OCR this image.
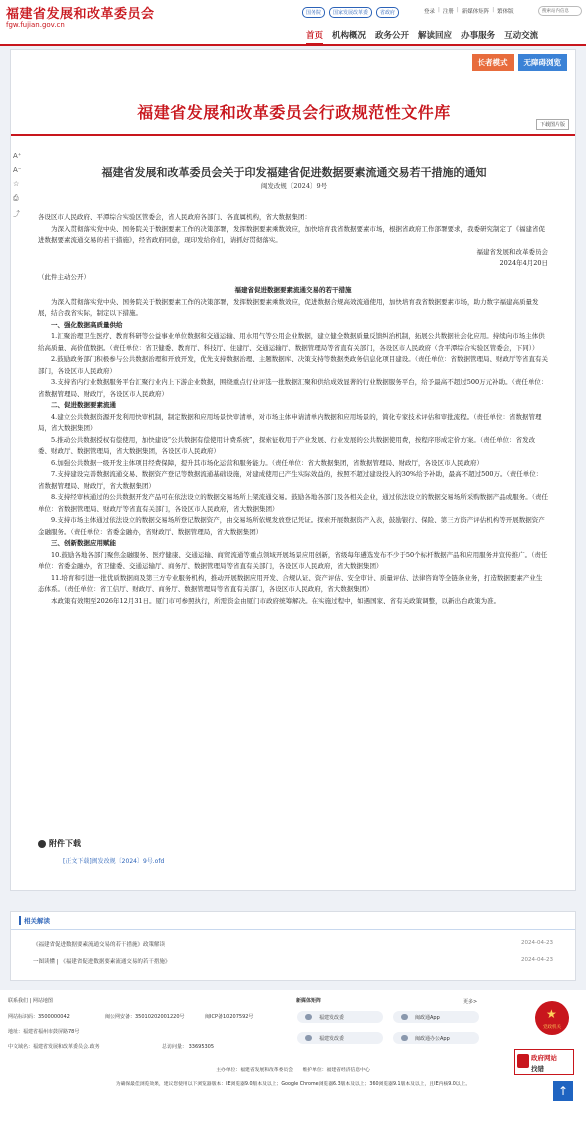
福建省发展和改革委员会
fgw.fujian.gov.cn
国务院	国家发展改革委	省政府	登录 | 注册 | 新媒体矩阵 | 繁体版	搜索站内信息
首页 机构概况 政务公开 解读回应 办事服务 互动交流
长者模式	无障碍浏览
福建省发展和改革委员会行政规范性文件库
下载图片版
A⁺
A⁻
☆
⎙
⤴
福建省发展和改革委员会关于印发福建省促进数据要素流通交易若干措施的通知
闽发改规〔2024〕9号

各设区市人民政府、平潭综合实验区管委会，省人民政府各部门、各直属机构，省大数据集团：

为深入贯彻落实党中央、国务院关于数据要素工作的决策部署，发挥数据要素乘数效应，加快培育我省数据要素市场，根据省政府工作部署要求，我委研究制定了《福建省促进数据要素流通交易的若干措施》，经省政府同意，现印发给你们，请抓好贯彻落实。

福建省发展和改革委员会

2024年4月20日

（此件主动公开）

福建省促进数据要素流通交易的若干措施

为深入贯彻落实党中央、国务院关于数据要素工作的决策部署，发挥数据要素乘数效应，促进数据合规高效流通使用，加快培育我省数据要素市场，助力数字福建高质量发展，结合我省实际，制定以下措施。

一、强化数据高质量供给

1.汇聚治理卫生医疗、教育科研等公益事业单位数据和交通运输、用水用气等公用企业数据，建立健全数据质量反馈纠治机制，拓展公共数据社会化应用。持续向市场主体供给高质量、高价值数据。（责任单位：省卫健委、教育厅、科技厅、住建厅、交通运输厅、数据管理局等省直有关部门，各设区市人民政府（含平潭综合实验区管委会，下同））

2.鼓励政务部门积极参与公共数据治理和开放开发，优先支持数据治理、主题数据库、决策支持等数据类政务信息化项目建设。（责任单位：省数据管理局、财政厅等省直有关部门，各设区市人民政府）

3.支持省内行业数据服务平台汇聚行业内上下游企业数据，围绕重点行业评选一批数据汇聚和供给成效显著的行业数据服务平台，给予最高不超过500万元补助。（责任单位：省数据管理局、财政厅，各设区市人民政府）

二、促进数据要素流通

4.建立公共数据资源开发利用快审机制，制定数据和应用场景快审清单，对市场主体申请清单内数据和应用场景的，简化专家技术评估和审批流程。（责任单位：省数据管理局，省大数据集团）

5.推动公共数据授权有偿使用，加快建设“公共数据有偿使用计费系统”，探索征收用于产业发展、行业发展的公共数据使用费，按程序形成定价方案。（责任单位：省发改委、财政厅、数据管理局，省大数据集团，各设区市人民政府）

6.加强公共数据一级开发主体项目经费保障，提升其市场化运营和服务能力。（责任单位：省大数据集团，省数据管理局、财政厅，各设区市人民政府）

7.支持建设完善数据流通交易、数据资产登记等数据流通基础设施，对建成使用已产生实际效益的，按照不超过建设投入的30%给予补助，最高不超过500万。（责任单位：省数据管理局、财政厅，省大数据集团）

8.支持经审核通过的公共数据开发产品可在依法设立的数据交易场所上架流通交易。鼓励各地各部门及各相关企业，通过依法设立的数据交易场所采购数据产品或服务。（责任单位：省数据管理局、财政厅等省直有关部门，各设区市人民政府，省大数据集团）

9.支持市场主体通过依法设立的数据交易场所登记数据资产，由交易场所依规发放登记凭证。探索开展数据资产入表，鼓励银行、保险、第三方资产评估机构等开展数据资产金融服务。（责任单位：省委金融办，省财政厅、数据管理局，省大数据集团）

三、创新数据应用赋能

10.鼓励各地各部门聚焦金融服务、医疗健康、交通运输、商贸流通等重点领域开展场景应用创新，省级每年遴选发布不少于50个标杆数据产品和应用服务并宣传推广。（责任单位：省委金融办，省卫健委、交通运输厅、商务厅、数据管理局等省直有关部门，各设区市人民政府，省大数据集团）

11.培育和引进一批优质数据商及第三方专业服务机构，推动开展数据应用开发、合规认证、资产评估、安全审计、质量评估、法律咨询等全链条业务，打造数据要素产业生态体系。（责任单位：省工信厅、财政厅、商务厅、数据管理局等省直有关部门，各设区市人民政府，省大数据集团）

本政策有效期至2026年12月31日。厦门市可参照执行，所需资金由厦门市政府统筹解决。在实施过程中，如遇国家、省有关政策调整，以新出台政策为准。

附件下载
[正文下载]闽发改规〔2024〕9号.ofd
相关解读
《福建省促进数据要素流通交易的若干措施》政策解读	2024-04-23
一图读懂 | 《福建省促进数据要素流通交易的若干措施》	2024-04-23
联系我们 | 网站地图
网站标识码：3500000042	闽公网安备：35010202001220号	闽ICP备10207592号
地址：福建省福州市鼓屏路78号
中文域名：福建省发展和改革委员会.政务	总访问量： 33695305
新媒体矩阵	更多>
福建发改委	闽政通App
福建发改委	闽政通办公App
★
党政机关
政府网站
找错
↑
主办单位：福建省发展和改革委员会　　维护单位：福建省经济信息中心
为确保最佳浏览效果，建议您使用以下浏览器版本：IE浏览器9.0版本及以上；Google Chrome浏览器6.3版本及以上；360浏览器9.1版本及以上，且IE内核9.0以上。
